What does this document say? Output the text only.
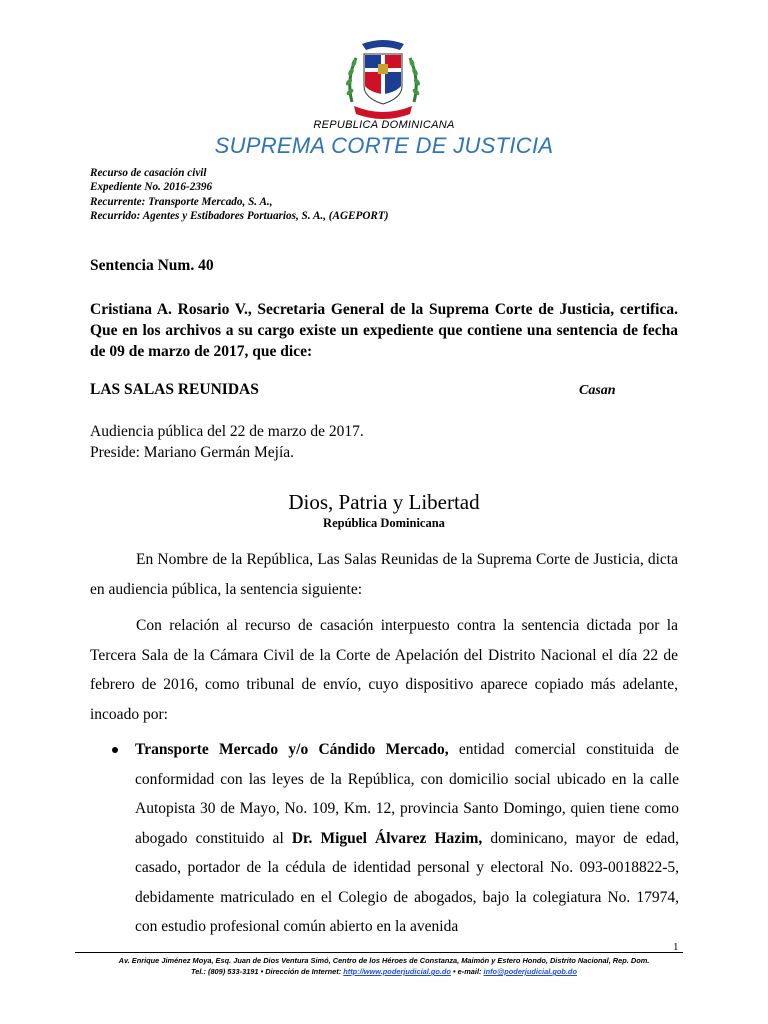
REPUBLICA DOMINICANA
SUPREMA CORTE DE JUSTICIA
Recurso de casación civil
Expediente No. 2016-2396
Recurrente: Transporte Mercado, S. A.,
Recurrido: Agentes y Estibadores Portuarios, S. A., (AGEPORT)
Sentencia Num. 40
Cristiana A. Rosario V., Secretaria General de la Suprema Corte de Justicia, certifica. Que en los archivos a su cargo existe un expediente que contiene una sentencia de fecha de 09 de marzo de 2017, que dice:
LAS SALAS REUNIDAS	Casan
Audiencia pública del 22 de marzo de 2017.
Preside: Mariano Germán Mejía.
Dios, Patria y Libertad
República Dominicana
En Nombre de la República, Las Salas Reunidas de la Suprema Corte de Justicia, dicta en audiencia pública, la sentencia siguiente:
Con relación al recurso de casación interpuesto contra la sentencia dictada por la Tercera Sala de la Cámara Civil de la Corte de Apelación del Distrito Nacional el día 22 de febrero de 2016, como tribunal de envío, cuyo dispositivo aparece copiado más adelante, incoado por:
Transporte Mercado y/o Cándido Mercado, entidad comercial constituida de conformidad con las leyes de la República, con domicilio social ubicado en la calle Autopista 30 de Mayo, No. 109, Km. 12, provincia Santo Domingo, quien tiene como abogado constituido al Dr. Miguel Álvarez Hazim, dominicano, mayor de edad, casado, portador de la cédula de identidad personal y electoral No. 093-0018822-5, debidamente matriculado en el Colegio de abogados, bajo la colegiatura No. 17974, con estudio profesional común abierto en la avenida
1
Av. Enrique Jiménez Moya, Esq. Juan de Dios Ventura Simó, Centro de los Héroes de Constanza, Maimón y Estero Hondo, Distrito Nacional, Rep. Dom.
Tel.: (809) 533-3191 • Dirección de Internet: http://www.poderjudicial.go.do • e-mail: info@poderjudicial.gob.do
